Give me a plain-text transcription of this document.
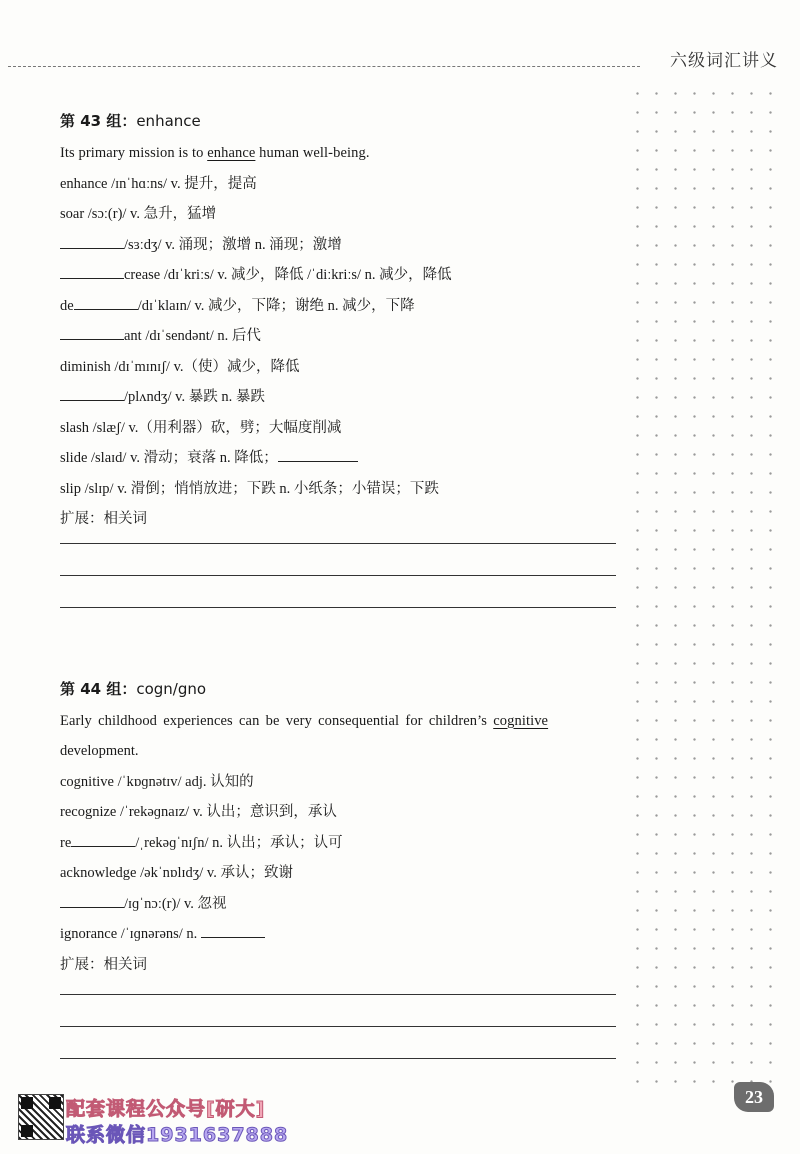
六级词汇讲义
第 43 组：enhance
Its primary mission is to enhance human well-being.
enhance /ɪnˈhɑːns/ v. 提升，提高
soar /sɔː(r)/ v. 急升，猛增
/sɜːdʒ/ v. 涌现；激增 n. 涌现；激增
crease /dɪˈkriːs/ v. 减少，降低 /ˈdiːkriːs/ n. 减少，降低
de	/dɪˈklaɪn/ v. 减少，下降；谢绝 n. 减少，下降
ant /dɪˈsendənt/ n. 后代
diminish /dɪˈmɪnɪʃ/ v.（使）减少，降低
/plʌndʒ/ v. 暴跌 n. 暴跌
slash /slæʃ/ v.（用利器）砍，劈；大幅度削减
slide /slaɪd/ v. 滑动；衰落 n. 降低；
slip /slɪp/ v. 滑倒；悄悄放进；下跌 n. 小纸条；小错误；下跌
扩展：相关词
第 44 组：cogn/gno
Early childhood experiences can be very consequential for children’s cognitive
development.
cognitive /ˈkɒɡnətɪv/ adj. 认知的
recognize /ˈrekəɡnaɪz/ v. 认出；意识到，承认
re	/ˌrekəɡˈnɪʃn/ n. 认出；承认；认可
acknowledge /əkˈnɒlɪdʒ/ v. 承认；致谢
/ɪɡˈnɔː(r)/ v. 忽视
ignorance /ˈɪɡnərəns/ n.
扩展：相关词
配套课程公众号[研大]
联系微信1931637888
23
